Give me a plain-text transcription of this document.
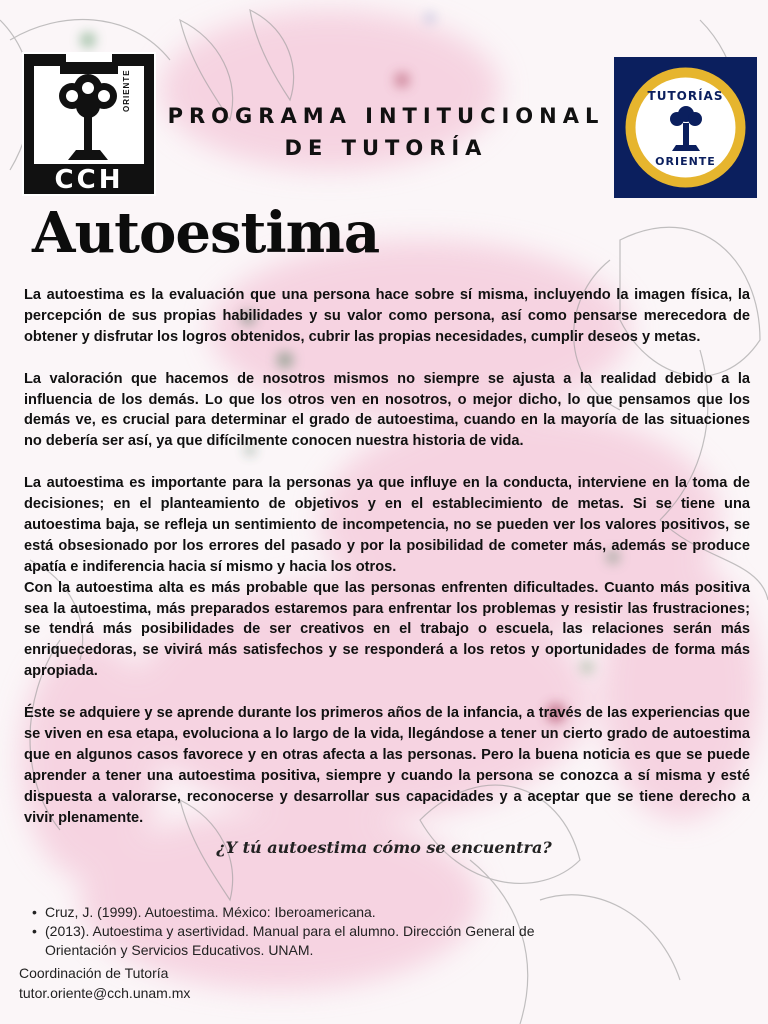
CCH
ORIENTE
PROGRAMA INTITUCIONAL DE TUTORÍA
TUTORÍAS
ORIENTE
Autoestima

La autoestima es la evaluación que una persona hace sobre sí misma, incluyendo la imagen física, la percepción de sus propias habilidades y su valor como persona, así como pensarse merecedora de obtener y disfrutar los logros obtenidos, cubrir las propias necesidades, cumplir deseos y metas.

La valoración que hacemos de nosotros mismos no siempre se ajusta a la realidad debido a la influencia de los demás. Lo que los otros ven en nosotros, o mejor dicho, lo que pensamos que los demás ve, es crucial para determinar el grado de autoestima, cuando en la mayoría de las situaciones no debería ser así, ya que difícilmente conocen nuestra historia de vida.

La autoestima es importante para la personas ya que influye en la conducta, interviene en la toma de decisiones; en el planteamiento de objetivos y en el establecimiento de metas. Si se tiene una autoestima baja, se refleja un sentimiento de incompetencia, no se pueden ver los valores positivos, se está obsesionado por los errores del pasado y por la posibilidad de cometer más, además se produce apatía e indiferencia hacia sí mismo y hacia los otros.

Con la autoestima alta es más probable que las personas enfrenten dificultades. Cuanto más positiva sea la autoestima, más preparados estaremos para enfrentar los problemas y resistir las frustraciones; se tendrá más posibilidades de ser creativos en el trabajo o escuela, las relaciones serán más enriquecedoras, se vivirá más satisfechos y se responderá a los retos y oportunidades de forma más apropiada.

Éste se adquiere y se aprende durante los primeros años de la infancia, a través de las experiencias que se viven en esa etapa, evoluciona a lo largo de la vida, llegándose a tener un cierto grado de autoestima que en algunos casos favorece y en otras afecta a las personas. Pero la buena noticia es que se puede aprender a tener una autoestima positiva, siempre y cuando la persona se conozca a sí misma y esté dispuesta a valorarse, reconocerse y desarrollar sus capacidades y a aceptar que se tiene derecho a vivir plenamente.

¿Y tú autoestima cómo se encuentra?
• Cruz, J. (1999). Autoestima. México: Iberoamericana.
• (2013). Autoestima y asertividad. Manual para el alumno. Dirección General de Orientación y Servicios Educativos. UNAM.
Coordinación de Tutoría
tutor.oriente@cch.unam.mx
